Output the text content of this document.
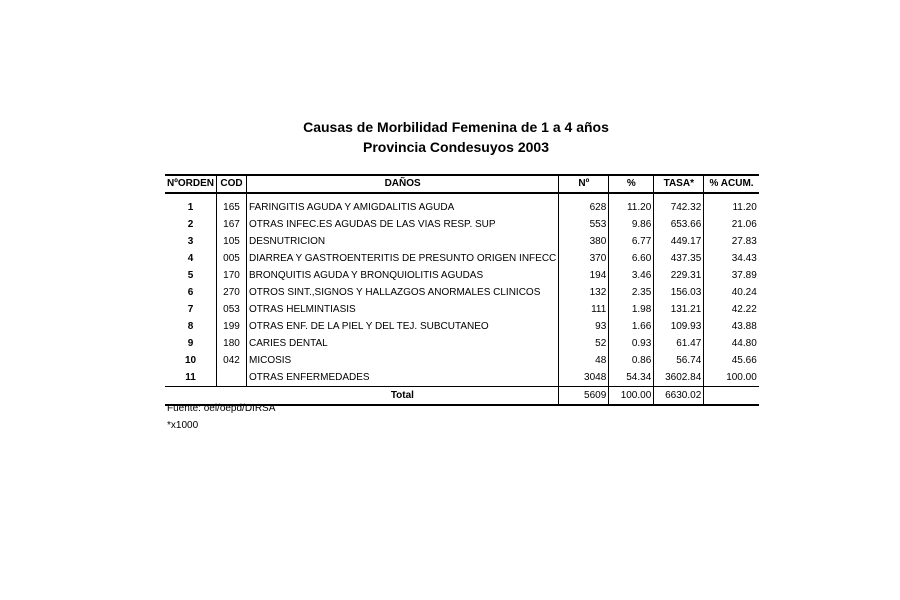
Causas de Morbilidad Femenina de 1 a 4 años
Provincia Condesuyos 2003
NºORDEN	COD	DAÑOS	Nº	%	TASA*	% ACUM.

1	165	FARINGITIS AGUDA Y AMIGDALITIS AGUDA	628	11.20	742.32	11.20
2	167	OTRAS INFEC.ES AGUDAS DE LAS VIAS RESP. SUP	553	9.86	653.66	21.06
3	105	DESNUTRICION	380	6.77	449.17	27.83
4	005	DIARREA Y GASTROENTERITIS DE PRESUNTO ORIGEN INFECC	370	6.60	437.35	34.43
5	170	BRONQUITIS AGUDA Y BRONQUIOLITIS AGUDAS	194	3.46	229.31	37.89
6	270	OTROS SINT.,SIGNOS Y HALLAZGOS ANORMALES CLINICOS	132	2.35	156.03	40.24
7	053	OTRAS HELMINTIASIS	111	1.98	131.21	42.22
8	199	OTRAS ENF. DE LA PIEL Y DEL TEJ. SUBCUTANEO	93	1.66	109.93	43.88
9	180	CARIES DENTAL	52	0.93	61.47	44.80
10	042	MICOSIS	48	0.86	56.74	45.66
11		OTRAS ENFERMEDADES	3048	54.34	3602.84	100.00
		Total	5609	100.00	6630.02	
Fuente: oei/oepd/DIRSA
*x1000
